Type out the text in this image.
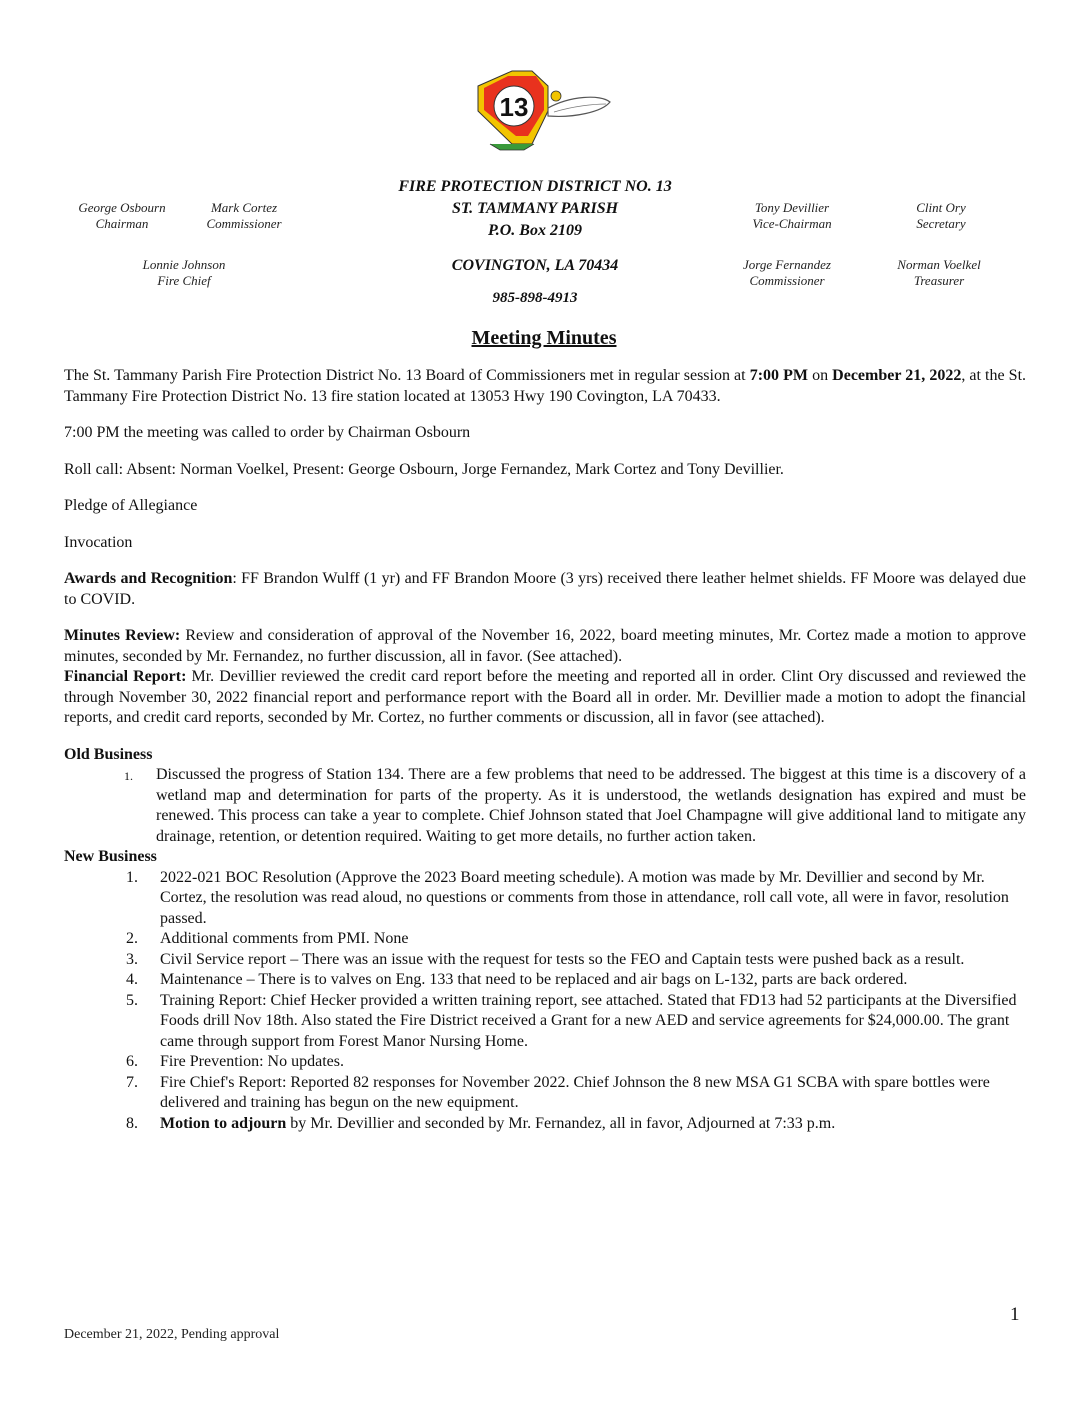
13
George Osbourn
Chairman
Mark Cortez
Commissioner
Lonnie Johnson
Fire Chief
Tony Devillier
Vice-Chairman
Clint Ory
Secretary
Jorge Fernandez
Commissioner
Norman Voelkel
Treasurer
FIRE PROTECTION DISTRICT NO. 13
ST. TAMMANY PARISH
P.O. Box 2109
COVINGTON, LA 70434
985-898-4913
Meeting Minutes

The St. Tammany Parish Fire Protection District No. 13 Board of Commissioners met in regular session at 7:00 PM on December 21, 2022, at the St. Tammany Fire Protection District No. 13 fire station located at 13053 Hwy 190 Covington, LA 70433.

7:00 PM the meeting was called to order by Chairman Osbourn

Roll call: Absent: Norman Voelkel, Present: George Osbourn, Jorge Fernandez, Mark Cortez and Tony Devillier.

Pledge of Allegiance

Invocation

Awards and Recognition: FF Brandon Wulff (1 yr) and FF Brandon Moore (3 yrs) received there leather helmet shields. FF Moore was delayed due to COVID.

Minutes Review: Review and consideration of approval of the November 16, 2022, board meeting minutes, Mr. Cortez made a motion to approve minutes, seconded by Mr. Fernandez, no further discussion, all in favor. (See attached).

Financial Report: Mr. Devillier reviewed the credit card report before the meeting and reported all in order. Clint Ory discussed and reviewed the through November 30, 2022 financial report and performance report with the Board all in order. Mr. Devillier made a motion to adopt the financial reports, and credit card reports, seconded by Mr. Cortez, no further comments or discussion, all in favor (see attached).

Old Business
1. Discussed the progress of Station 134. There are a few problems that need to be addressed. The biggest at this time is a discovery of a wetland map and determination for parts of the property. As it is understood, the wetlands designation has expired and must be renewed. This process can take a year to complete. Chief Johnson stated that Joel Champagne will give additional land to mitigate any drainage, retention, or detention required. Waiting to get more details, no further action taken.
New Business
1. 2022-021 BOC Resolution (Approve the 2023 Board meeting schedule). A motion was made by Mr. Devillier and second by Mr. Cortez, the resolution was read aloud, no questions or comments from those in attendance, roll call vote, all were in favor, resolution passed.
2. Additional comments from PMI. None
3. Civil Service report – There was an issue with the request for tests so the FEO and Captain tests were pushed back as a result.
4. Maintenance – There is to valves on Eng. 133 that need to be replaced and air bags on L-132, parts are back ordered.
5. Training Report: Chief Hecker provided a written training report, see attached. Stated that FD13 had 52 participants at the Diversified Foods drill Nov 18th. Also stated the Fire District received a Grant for a new AED and service agreements for $24,000.00. The grant came through support from Forest Manor Nursing Home.
6. Fire Prevention: No updates.
7. Fire Chief's Report: Reported 82 responses for November 2022. Chief Johnson the 8 new MSA G1 SCBA with spare bottles were delivered and training has begun on the new equipment.
8. Motion to adjourn by Mr. Devillier and seconded by Mr. Fernandez, all in favor, Adjourned at 7:33 p.m.
1
December 21, 2022, Pending approval
